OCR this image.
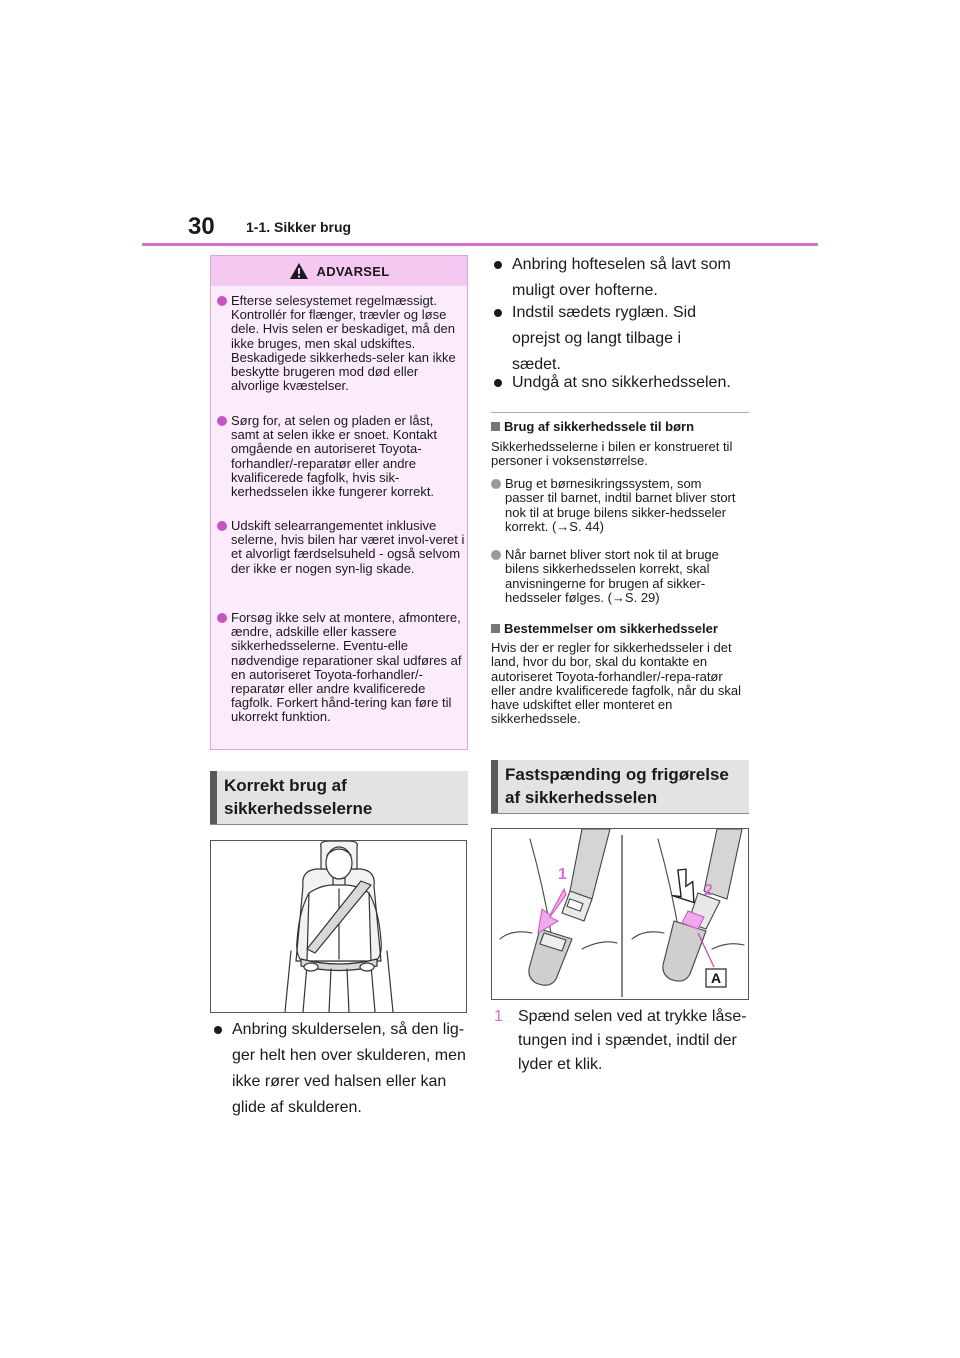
30 1-1. Sikker brug
ADVARSEL
Efterse selesystemet regelmæssigt. Kontrollér for flænger, trævler og løse dele. Hvis selen er beskadiget, må den ikke bruges, men skal udskiftes. Beskadigede sikkerheds-seler kan ikke beskytte brugeren mod død eller alvorlige kvæstelser.
Sørg for, at selen og pladen er låst, samt at selen ikke er snoet. Kontakt omgående en autoriseret Toyota-forhandler/-reparatør eller andre kvalificerede fagfolk, hvis sik-kerhedsselen ikke fungerer korrekt.
Udskift selearrangementet inklusive selerne, hvis bilen har været invol-veret i et alvorligt færdselsuheld - også selvom der ikke er nogen syn-lig skade.
Forsøg ikke selv at montere, afmontere, ændre, adskille eller kassere sikkerhedsselerne. Eventu-elle nødvendige reparationer skal udføres af en autoriseret Toyota-forhandler/-reparatør eller andre kvalificerede fagfolk. Forkert hånd-tering kan føre til ukorrekt funktion.
Korrekt brug af
sikkerhedsselerne
Anbring skulderselen, så den lig-ger helt hen over skulderen, men ikke rører ved halsen eller kan glide af skulderen.
Anbring hofteselen så lavt som muligt over hofterne.
Indstil sædets ryglæn. Sid oprejst og langt tilbage i sædet.
Undgå at sno sikkerhedsselen.
Brug af sikkerhedssele til børn
Sikkerhedsselerne i bilen er konstrueret til personer i voksenstørrelse.
Brug et børnesikringssystem, som passer til barnet, indtil barnet bliver stort nok til at bruge bilens sikker-hedsseler korrekt. (→S. 44)
Når barnet bliver stort nok til at bruge bilens sikkerhedsselen korrekt, skal anvisningerne for brugen af sikker-hedsseler følges. (→S. 29)
Bestemmelser om sikkerhedsseler
Hvis der er regler for sikkerhedsseler i det land, hvor du bor, skal du kontakte en autoriseret Toyota-forhandler/-repa-ratør eller andre kvalificerede fagfolk, når du skal have udskiftet eller monteret en sikkerhedssele.
Fastspænding og frigørelse
af sikkerhedsselen
1
2
A
1 Spænd selen ved at trykke låse-tungen ind i spændet, indtil der lyder et klik.
